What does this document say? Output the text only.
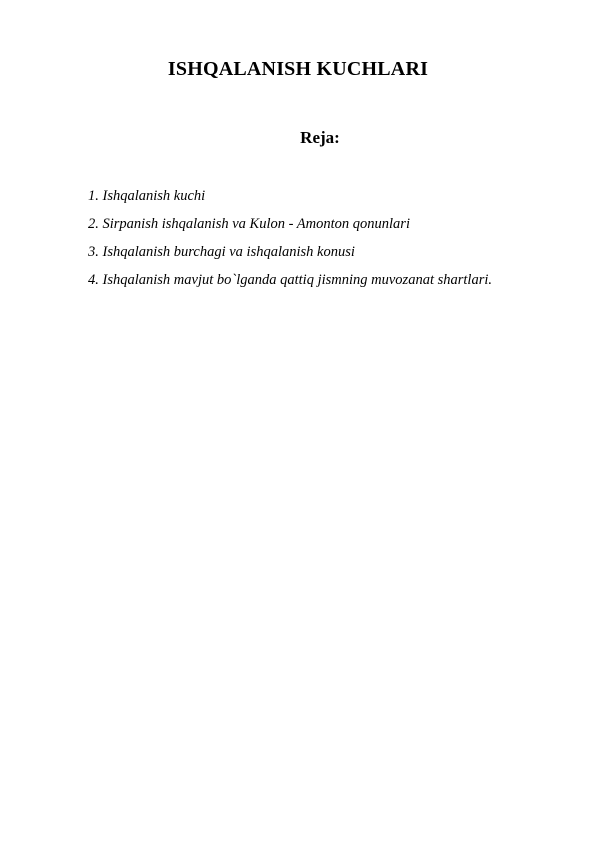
ISHQALANISH KUCHLARI
Reja:
1. Ishqalanish kuchi
2. Sirpanish ishqalanish va Kulon - Amonton qonunlari
3. Ishqalanish burchagi va ishqalanish konusi
4. Ishqalanish mavjut bo`lganda qattiq jismning muvozanat shartlari.
